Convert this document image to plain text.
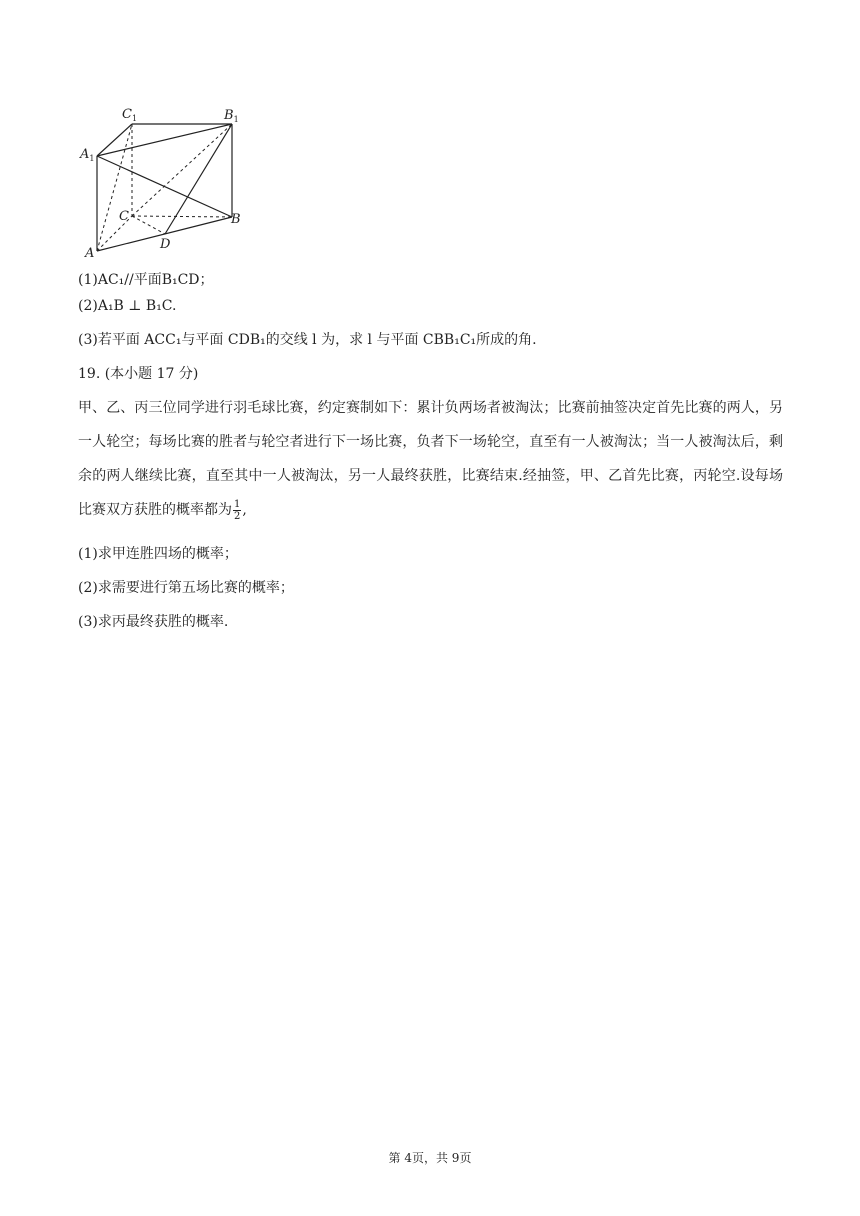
$C_1$	$B_1$
$A_1$
C	B
A
D
(1)AC₁//平面B₁CD；
(2)A₁B ⊥ B₁C.
(3)若平面 ACC₁与平面 CDB₁的交线 l 为，求 l 与平面 CBB₁C₁所成的角.
19. (本小题 17 分)
甲、乙、丙三位同学进行羽毛球比赛，约定赛制如下：累计负两场者被淘汰；比赛前抽签决定首先比赛的两人，另一人轮空；每场比赛的胜者与轮空者进行下一场比赛，负者下一场轮空，直至有一人被淘汰；当一人被淘汰后，剩余的两人继续比赛，直至其中一人被淘汰，另一人最终获胜，比赛结束.经抽签，甲、乙首先比赛，丙轮空.设每场比赛双方获胜的概率都为 $\frac{1}{2}$ ,
(1)求甲连胜四场的概率；
(2)求需要进行第五场比赛的概率；
(3)求丙最终获胜的概率.
第 4页，共 9页
